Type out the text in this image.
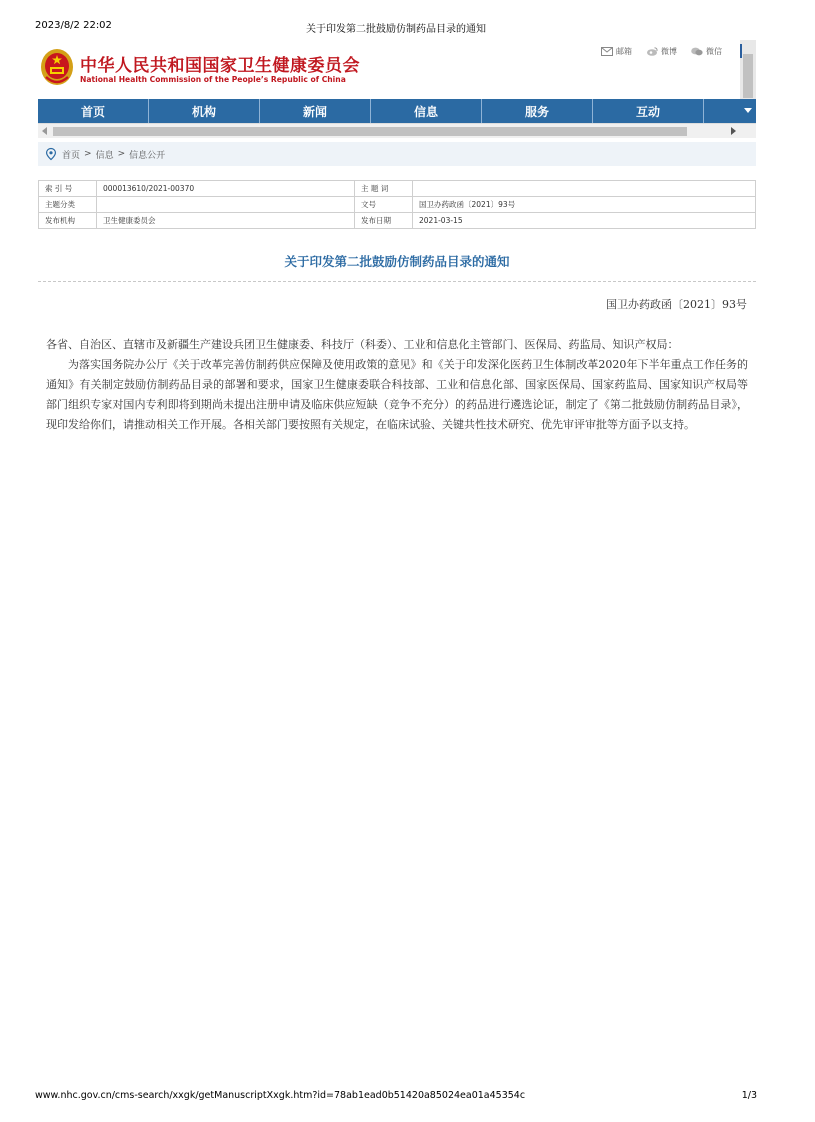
2023/8/2 22:02	关于印发第二批鼓励仿制药品目录的通知
中华人民共和国国家卫生健康委员会
National Health Commission of the People’s Republic of China
邮箱	微博	微信
首页	机构	新闻	信息	服务	互动	专题
首页 > 信息 > 信息公开
索 引 号	000013610/2021-00370	主 题 词	
主题分类		文号	国卫办药政函〔2021〕93号
发布机构	卫生健康委员会	发布日期	2021-03-15
关于印发第二批鼓励仿制药品目录的通知
国卫办药政函〔2021〕93号

各省、自治区、直辖市及新疆生产建设兵团卫生健康委、科技厅（科委）、工业和信息化主管部门、医保局、药监局、知识产权局：

为落实国务院办公厅《关于改革完善仿制药供应保障及使用政策的意见》和《关于印发深化医药卫生体制改革2020年下半年重点工作任务的通知》有关制定鼓励仿制药品目录的部署和要求，国家卫生健康委联合科技部、工业和信息化部、国家医保局、国家药监局、国家知识产权局等部门组织专家对国内专利即将到期尚未提出注册申请及临床供应短缺（竞争不充分）的药品进行遴选论证，制定了《第二批鼓励仿制药品目录》，现印发给你们，请推动相关工作开展。各相关部门要按照有关规定，在临床试验、关键共性技术研究、优先审评审批等方面予以支持。

www.nhc.gov.cn/cms-search/xxgk/getManuscriptXxgk.htm?id=78ab1ead0b51420a85024ea01a45354c	1/3
